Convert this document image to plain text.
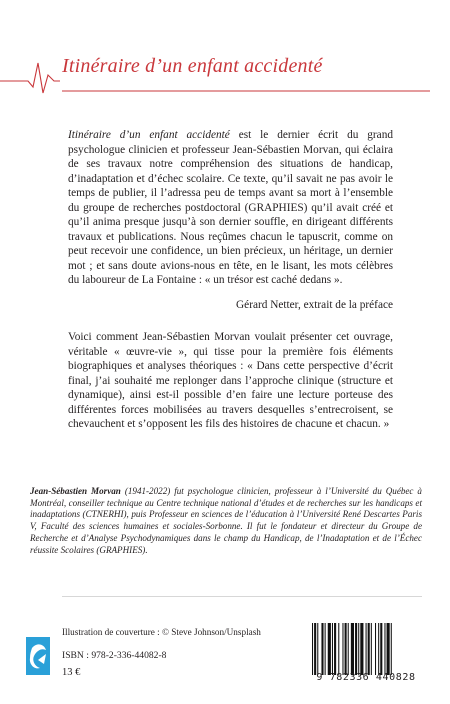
Itinéraire d’un enfant accidenté
Itinéraire d’un enfant accidenté est le dernier écrit du grand psychologue clinicien et professeur Jean-Sébastien Morvan, qui éclaira de ses travaux notre compréhension des situations de handicap, d’inadaptation et d’échec scolaire. Ce texte, qu’il savait ne pas avoir le temps de publier, il l’adressa peu de temps avant sa mort à l’ensemble du groupe de recherches postdoctoral (GRAPHIES) qu’il avait créé et qu’il anima presque jusqu’à son dernier souffle, en dirigeant différents travaux et publications. Nous reçûmes chacun le tapuscrit, comme on peut recevoir une confidence, un bien précieux, un héritage, un dernier mot ; et sans doute avions-nous en tête, en le lisant, les mots célèbres du laboureur de La Fontaine : « un trésor est caché dedans ».
Gérard Netter, extrait de la préface
Voici comment Jean-Sébastien Morvan voulait présenter cet ouvrage, véritable « œuvre-vie », qui tisse pour la première fois éléments biographiques et analyses théoriques : « Dans cette perspective d’écrit final, j’ai souhaité me replonger dans l’approche clinique (structure et dynamique), ainsi est-il possible d’en faire une lecture porteuse des différentes forces mobilisées au travers desquelles s’entrecroisent, se chevauchent et s’opposent les fils des histoires de chacune et chacun. »
Jean-Sébastien Morvan (1941-2022) fut psychologue clinicien, professeur à l’Université du Québec à Montréal, conseiller technique au Centre technique national d’études et de recherches sur les handicaps et inadaptations (CTNERHI), puis Professeur en sciences de l’éducation à l’Université René Descartes Paris V, Faculté des sciences humaines et sociales-Sorbonne. Il fut le fondateur et directeur du Groupe de Recherche et d’Analyse Psychodynamiques dans le champ du Handicap, de l’Inadaptation et de l’Échec réussite Scolaires (GRAPHIES).
Illustration de couverture : © Steve Johnson/Unsplash
ISBN : 978-2-336-44082-8
13 €	9 782336 440828
